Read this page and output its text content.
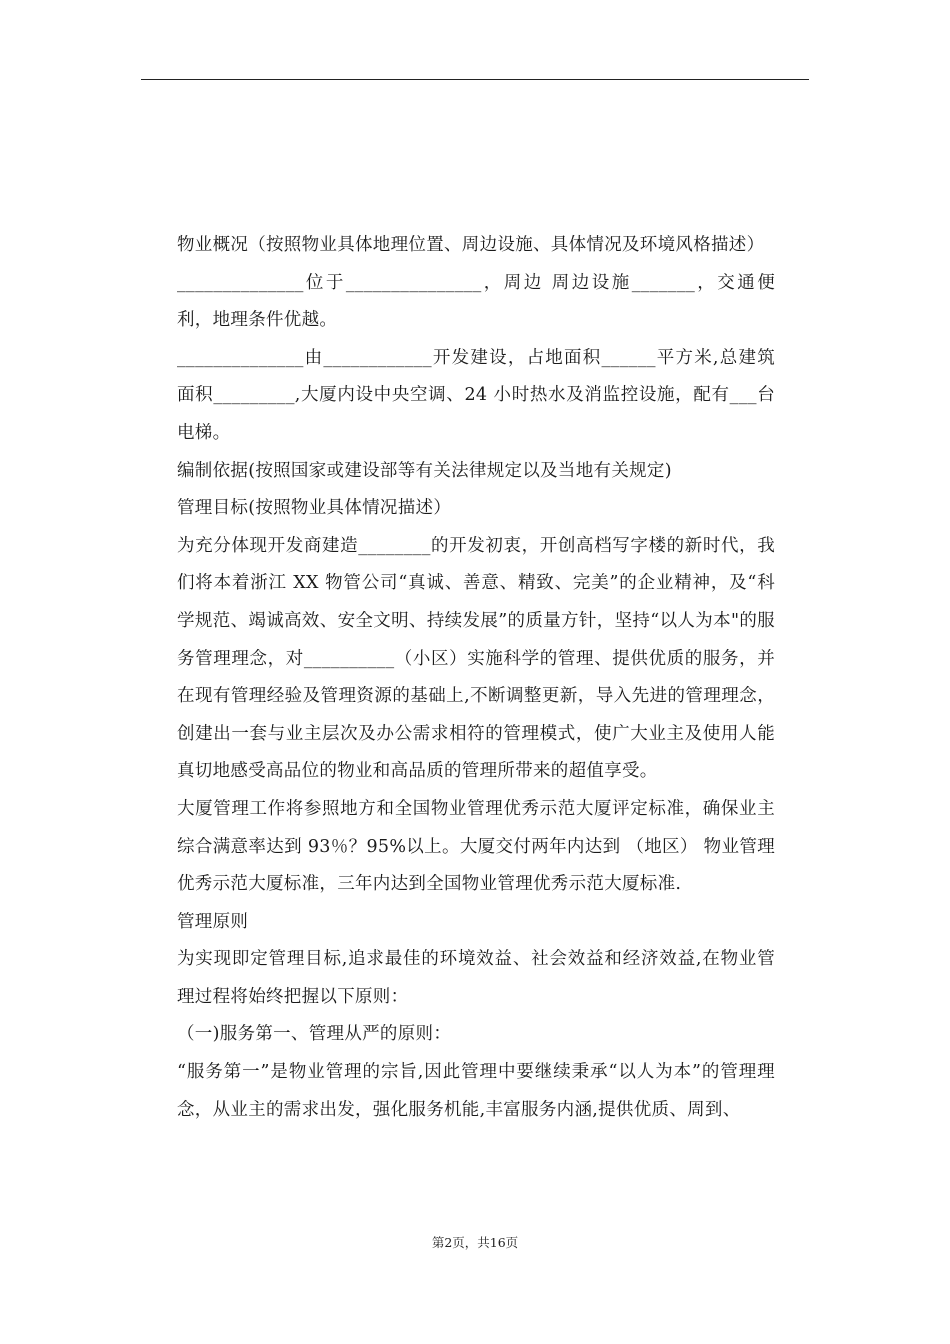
物业概况（按照物业具体地理位置、周边设施、具体情况及环境风格描述）

______________位于_______________，周边 周边设施_______，交通便利，地理条件优越。

______________由____________开发建设，占地面积______平方米,总建筑面积_________,大厦内设中央空调、24 小时热水及消监控设施，配有___台电梯。

编制依据(按照国家或建设部等有关法律规定以及当地有关规定)

管理目标(按照物业具体情况描述）

为充分体现开发商建造________的开发初衷，开创高档写字楼的新时代，我们将本着浙江 XX 物管公司“真诚、善意、精致、完美”的企业精神，及“科学规范、竭诚高效、安全文明、持续发展”的质量方针，坚持“以人为本"的服务管理理念，对__________（小区）实施科学的管理、提供优质的服务，并在现有管理经验及管理资源的基础上,不断调整更新，导入先进的管理理念，创建出一套与业主层次及办公需求相符的管理模式，使广大业主及使用人能真切地感受高品位的物业和高品质的管理所带来的超值享受。

大厦管理工作将参照地方和全国物业管理优秀示范大厦评定标准，确保业主综合满意率达到 93％？95%以上。大厦交付两年内达到 （地区） 物业管理优秀示范大厦标准，三年内达到全国物业管理优秀示范大厦标准.

管理原则

为实现即定管理目标,追求最佳的环境效益、社会效益和经济效益,在物业管理过程将始终把握以下原则：

（一)服务第一、管理从严的原则：

“服务第一”是物业管理的宗旨,因此管理中要继续秉承“以人为本”的管理理念，从业主的需求出发，强化服务机能,丰富服务内涵,提供优质、周到、

第2页，共16页
